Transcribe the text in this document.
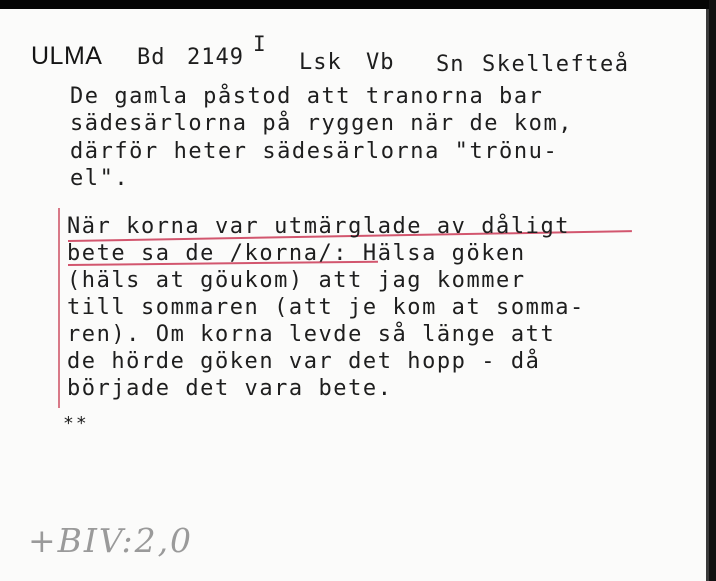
ULMA Bd 2149
I
Lsk Vb Sn Skellefteå
De gamla påstod att tranorna bar
sädesärlorna på ryggen när de kom,
därför heter sädesärlorna "trönu-
el".
När korna var utmärglade av dåligt
bete sa de /korna/: Hälsa göken
(häls at göukom) att jag kommer
till sommaren (att je kom at somma-
ren). Om korna levde så länge att
de hörde göken var det hopp - då
började det vara bete.
**
+BIV:2,0
